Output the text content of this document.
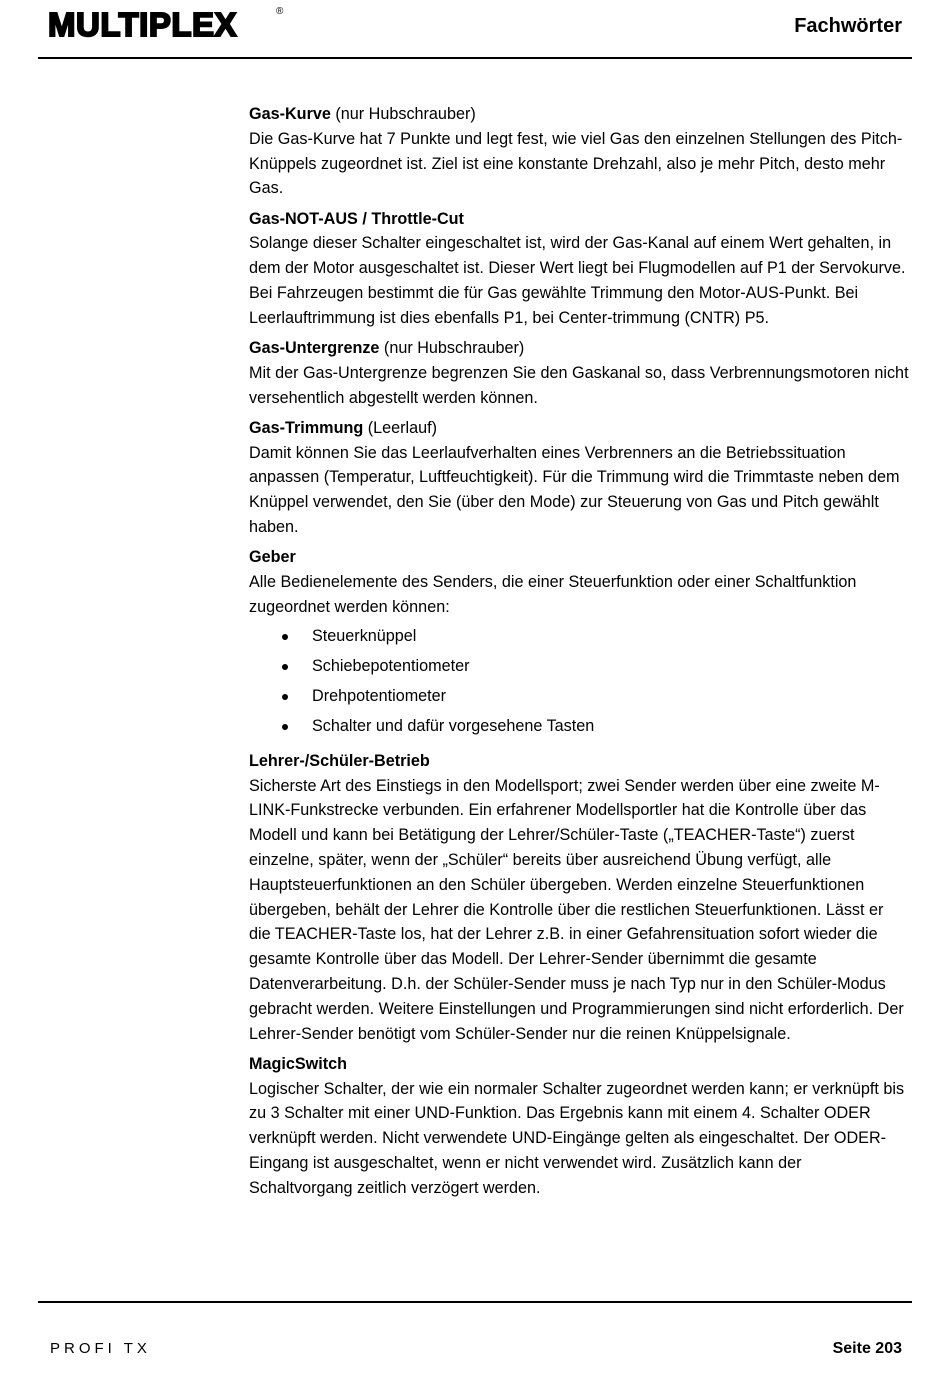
MULTIPLEX	®
Fachwörter
Gas-Kurve (nur Hubschrauber)

Die Gas-Kurve hat 7 Punkte und legt fest, wie viel Gas den einzelnen Stellungen des Pitch-Knüppels zugeordnet ist. Ziel ist eine konstante Drehzahl, also je mehr Pitch, desto mehr Gas.

Gas-NOT-AUS / Throttle-Cut

Solange dieser Schalter eingeschaltet ist, wird der Gas-Kanal auf einem Wert gehalten, in dem der Motor ausgeschaltet ist. Dieser Wert liegt bei Flugmodellen auf P1 der Servokurve. Bei Fahrzeugen bestimmt die für Gas gewählte Trimmung den Motor-AUS-Punkt. Bei Leerlauftrimmung ist dies ebenfalls P1, bei Center-trimmung (CNTR) P5.

Gas-Untergrenze (nur Hubschrauber)

Mit der Gas-Untergrenze begrenzen Sie den Gaskanal so, dass Verbrennungsmotoren nicht versehentlich abgestellt werden können.

Gas-Trimmung (Leerlauf)

Damit können Sie das Leerlaufverhalten eines Verbrenners an die Betriebssituation anpassen (Temperatur, Luftfeuchtigkeit). Für die Trimmung wird die Trimmtaste neben dem Knüppel verwendet, den Sie (über den Mode) zur Steuerung von Gas und Pitch gewählt haben.

Geber

Alle Bedienelemente des Senders, die einer Steuerfunktion oder einer Schaltfunktion zugeordnet werden können:

Steuerknüppel
Schiebepotentiometer
Drehpotentiometer
Schalter und dafür vorgesehene Tasten
Lehrer-/Schüler-Betrieb

Sicherste Art des Einstiegs in den Modellsport; zwei Sender werden über eine zweite M-LINK-Funkstrecke verbunden. Ein erfahrener Modellsportler hat die Kontrolle über das Modell und kann bei Betätigung der Lehrer/Schüler-Taste („TEACHER-Taste“) zuerst einzelne, später, wenn der „Schüler“ bereits über ausreichend Übung verfügt, alle Hauptsteuerfunktionen an den Schüler übergeben. Werden einzelne Steuerfunktionen übergeben, behält der Lehrer die Kontrolle über die restlichen Steuerfunktionen. Lässt er die TEACHER-Taste los, hat der Lehrer z.B. in einer Gefahrensituation sofort wieder die gesamte Kontrolle über das Modell. Der Lehrer-Sender übernimmt die gesamte Datenverarbeitung. D.h. der Schüler-Sender muss je nach Typ nur in den Schüler-Modus gebracht werden. Weitere Einstellungen und Programmierungen sind nicht erforderlich. Der Lehrer-Sender benötigt vom Schüler-Sender nur die reinen Knüppelsignale.

MagicSwitch

Logischer Schalter, der wie ein normaler Schalter zugeordnet werden kann; er verknüpft bis zu 3 Schalter mit einer UND-Funktion. Das Ergebnis kann mit einem 4. Schalter ODER verknüpft werden. Nicht verwendete UND-Eingänge gelten als eingeschaltet. Der ODER-Eingang ist ausgeschaltet, wenn er nicht verwendet wird. Zusätzlich kann der Schaltvorgang zeitlich verzögert werden.

PROFI TX	Seite 203
